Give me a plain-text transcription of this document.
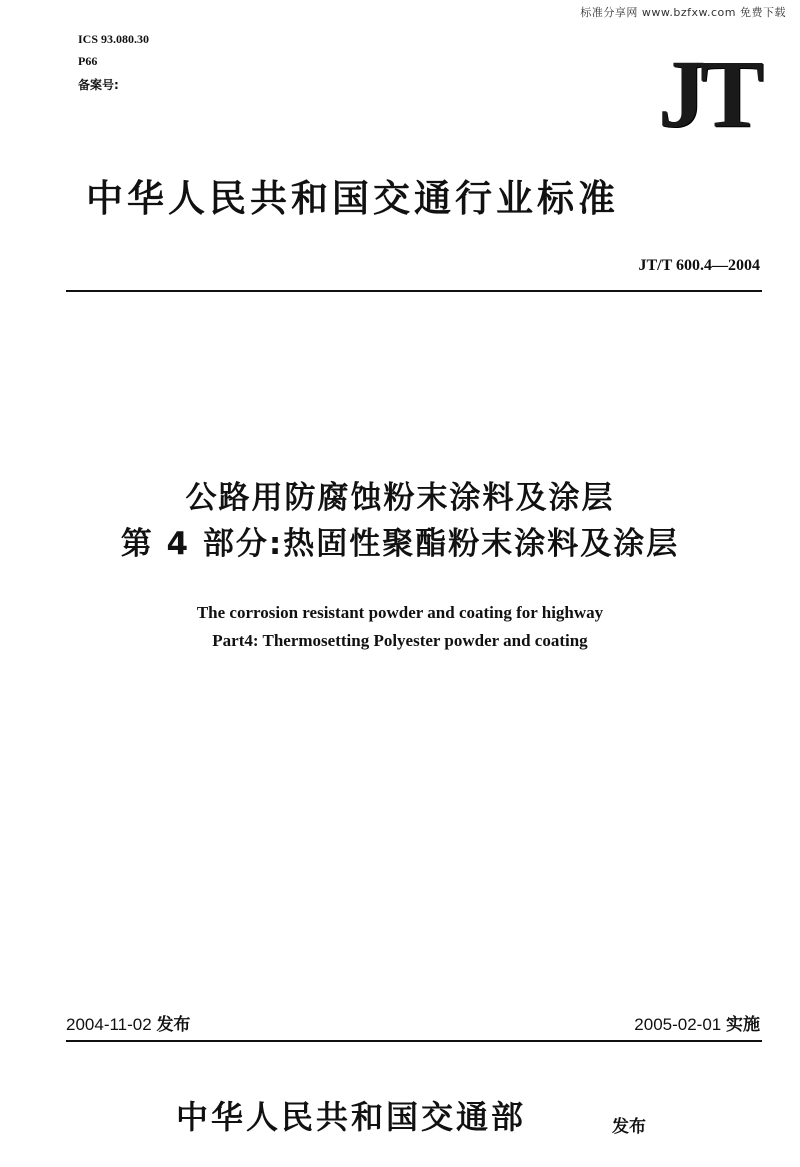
标准分享网 www.bzfxw.com 免费下载
ICS 93.080.30
P66
备案号:	JT
中华人民共和国交通行业标准
JT/T 600.4—2004
公路用防腐蚀粉末涂料及涂层
第 4 部分:热固性聚酯粉末涂料及涂层
The corrosion resistant powder and coating for highway
Part4: Thermosetting Polyester powder and coating
2004-11-02 发布	2005-02-01 实施
中华人民共和国交通部	发布
